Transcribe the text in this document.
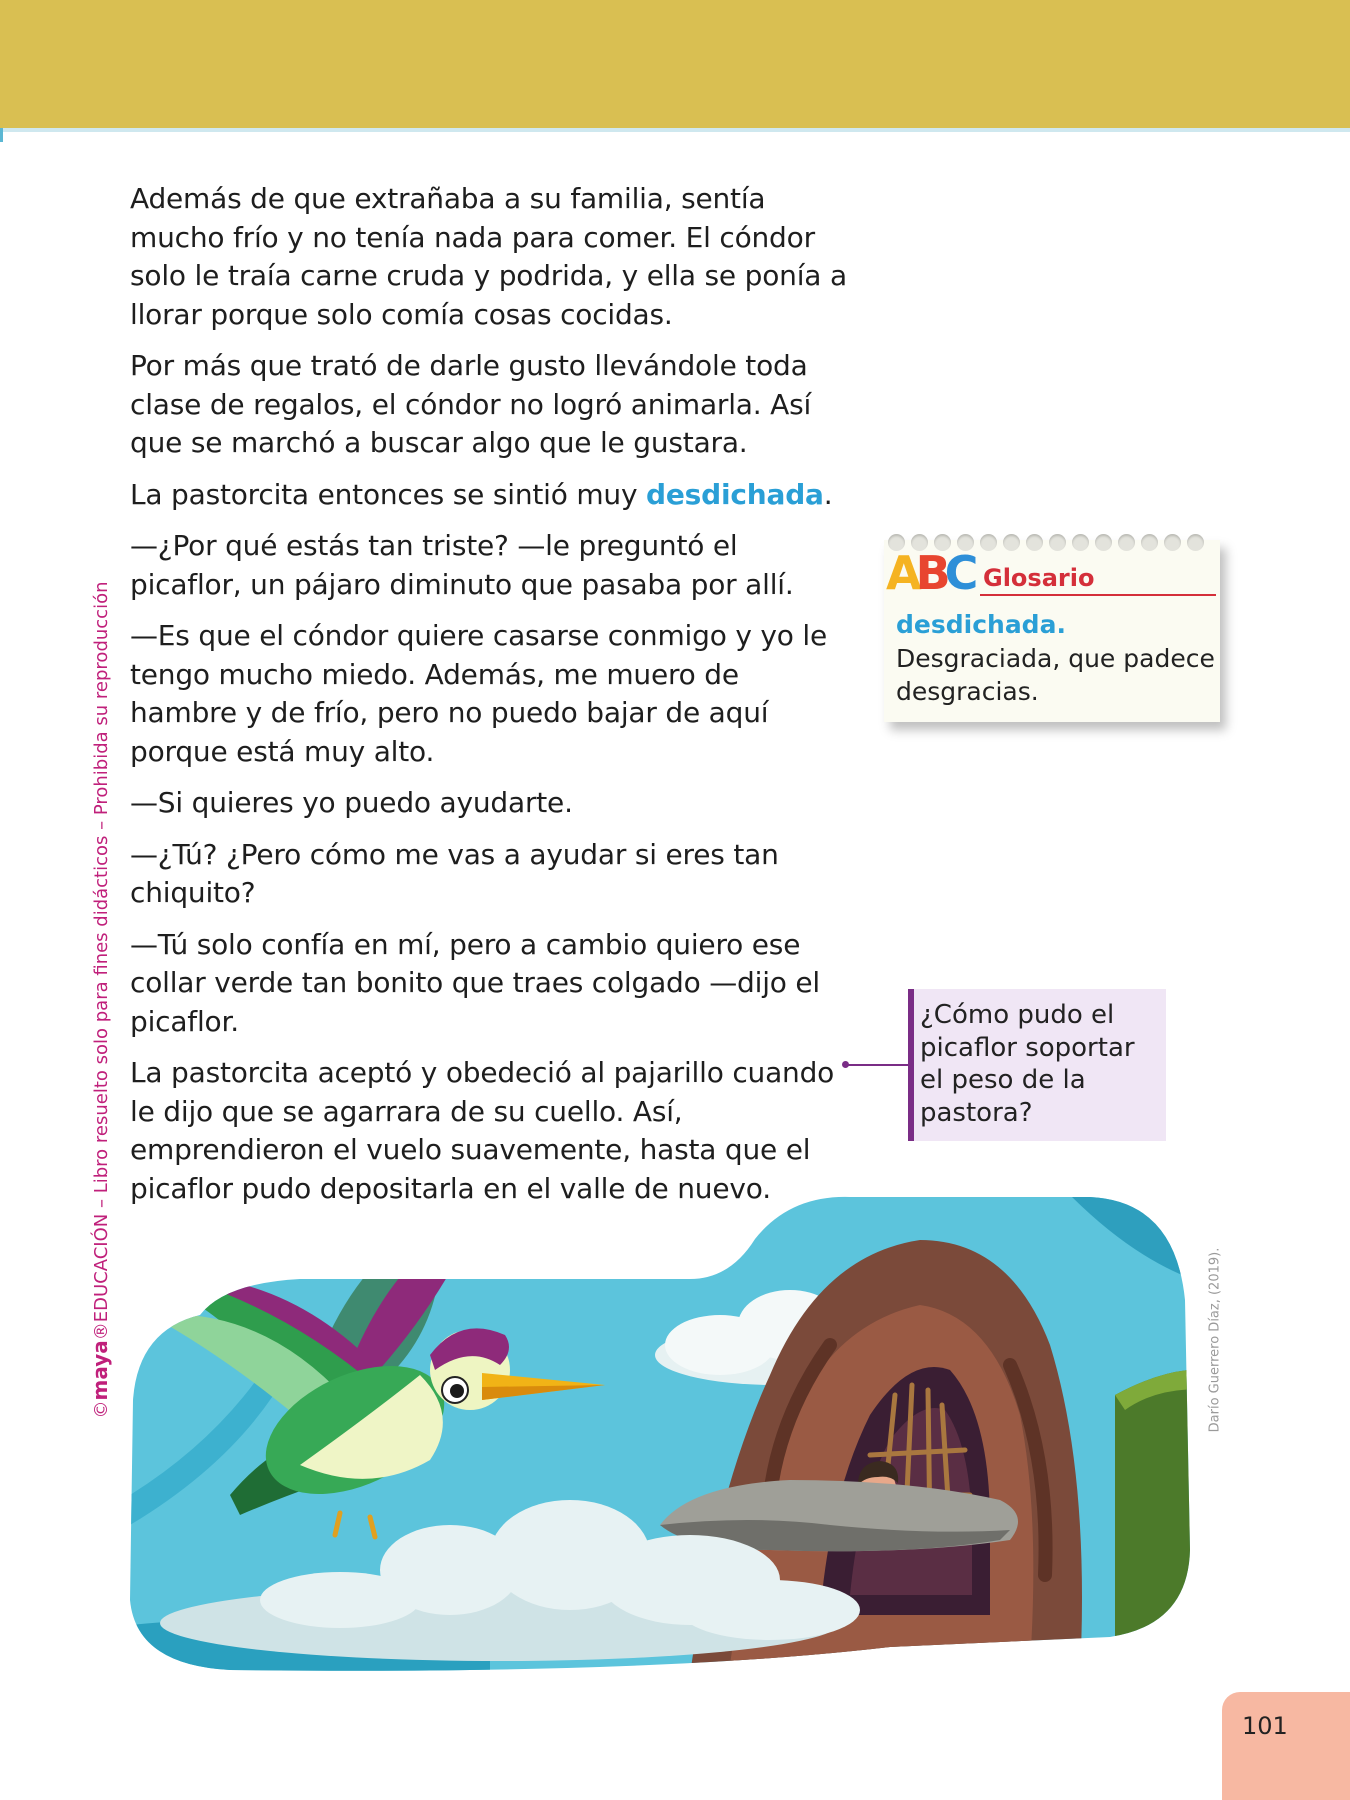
©maya®EDUCACIÓN – Libro resuelto solo para fines didácticos – Prohibida su reproducción

Además de que extrañaba a su familia, sentía mucho frío y no tenía nada para comer. El cóndor solo le traía carne cruda y podrida, y ella se ponía a llorar porque solo comía cosas cocidas.

Por más que trató de darle gusto llevándole toda clase de regalos, el cóndor no logró animarla. Así que se marchó a buscar algo que le gustara.

La pastorcita entonces se sintió muy desdichada.

—¿Por qué estás tan triste? —le preguntó el picaflor, un pájaro diminuto que pasaba por allí.

—Es que el cóndor quiere casarse conmigo y yo le tengo mucho miedo. Además, me muero de hambre y de frío, pero no puedo bajar de aquí porque está muy alto.

—Si quieres yo puedo ayudarte.

—¿Tú? ¿Pero cómo me vas a ayudar si eres tan chiquito?

—Tú solo confía en mí, pero a cambio quiero ese collar verde tan bonito que traes colgado —dijo el picaflor.

La pastorcita aceptó y obedeció al pajarillo cuando le dijo que se agarrara de su cuello. Así, emprendieron el vuelo suavemente, hasta que el picaflor pudo depositarla en el valle de nuevo.

ABC Glosario
desdichada.
Desgraciada, que padece desgracias.
¿Cómo pudo el picaflor soportar el peso de la pastora?
Darío Guerrero Díaz, (2019).
101
